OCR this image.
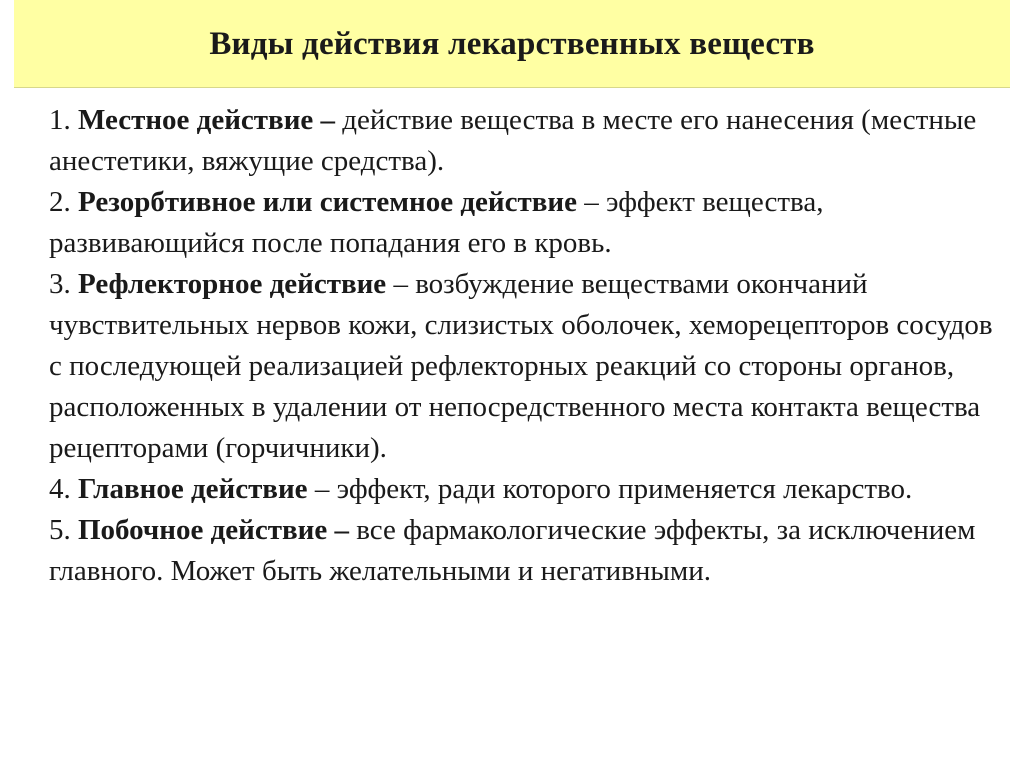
Виды действия лекарственных веществ

1. Местное действие – действие вещества в месте его нанесения (местные анестетики, вяжущие средства).

2. Резорбтивное или системное действие – эффект вещества, развивающийся после попадания его в кровь.

3. Рефлекторное действие – возбуждение веществами окончаний чувствительных нервов кожи, слизистых оболочек, хеморецепторов сосудов с последующей реализацией рефлекторных реакций со стороны органов, расположенных в удалении от непосредственного места контакта вещества рецепторами (горчичники).

4. Главное действие – эффект, ради которого применяется лекарство.

5. Побочное действие – все фармакологические эффекты, за исключением главного. Может быть желательными и негативными.
